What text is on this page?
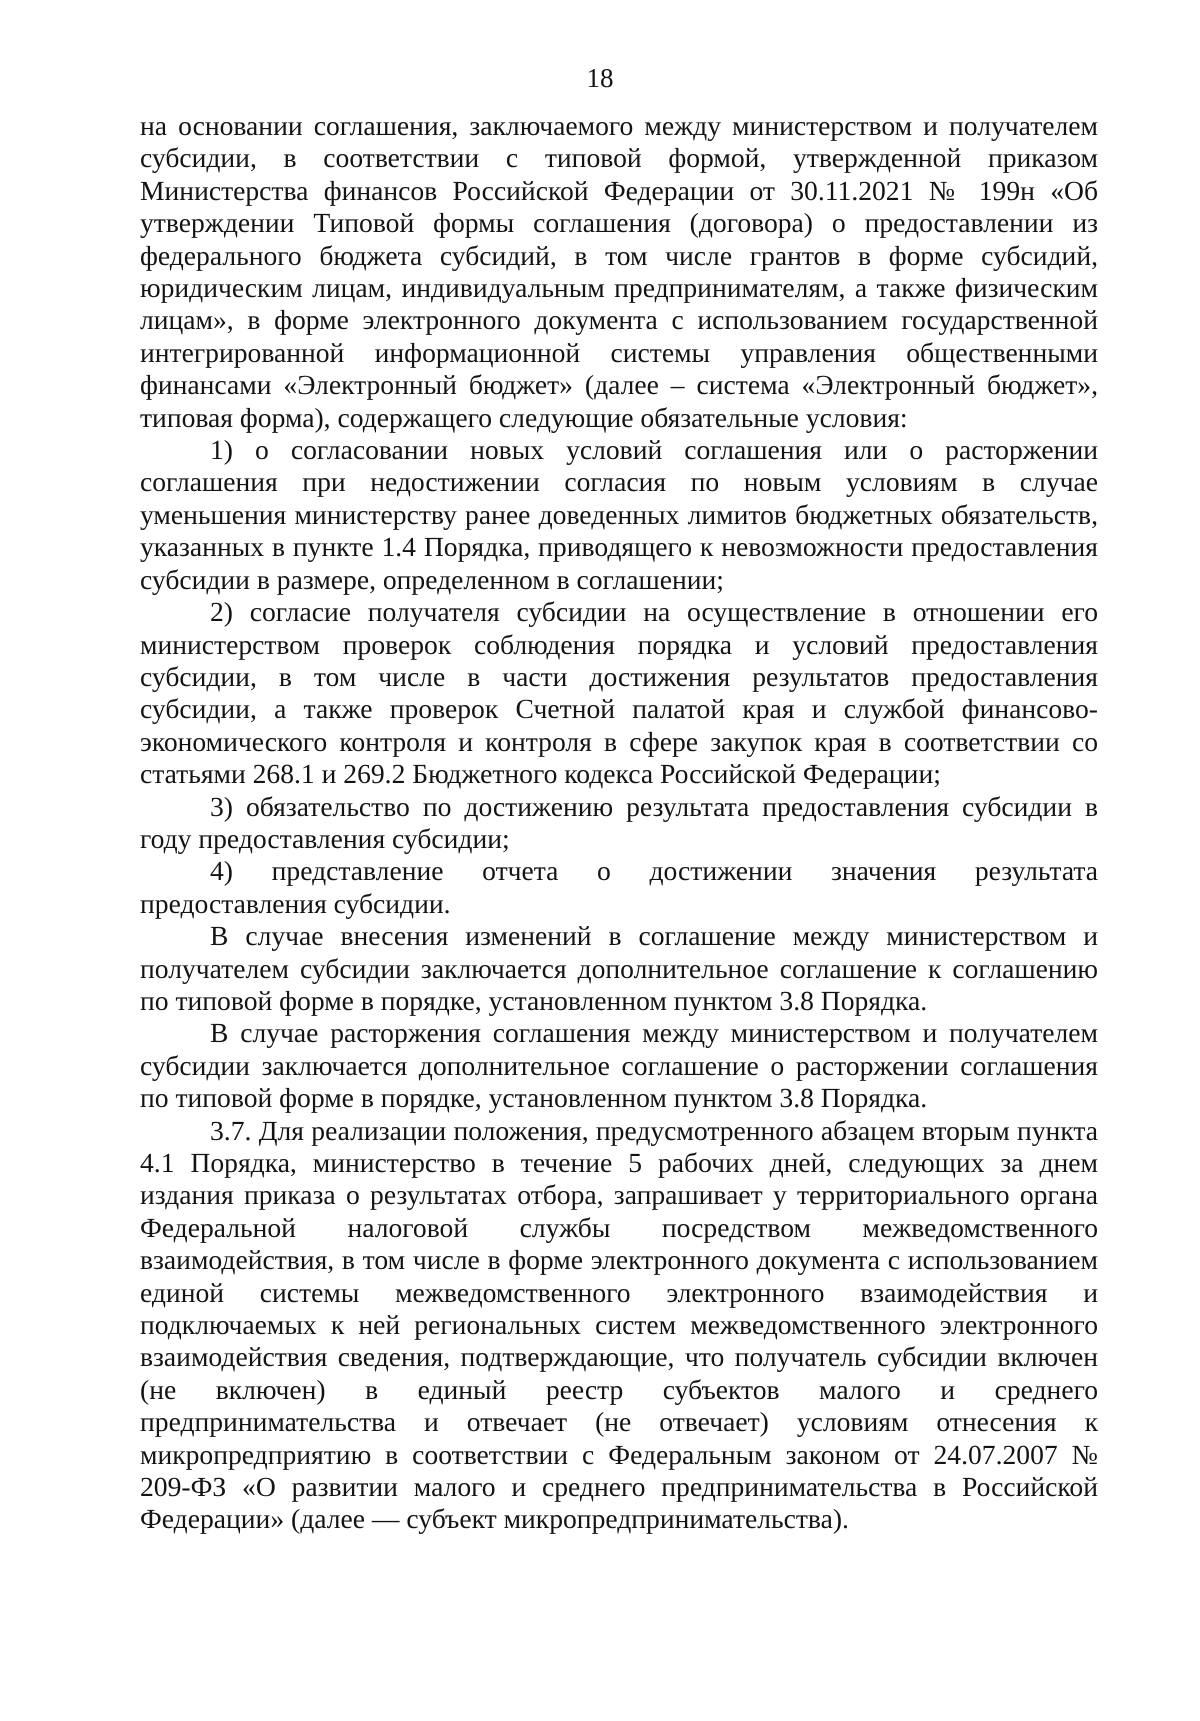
18

на основании соглашения, заключаемого между министерством и получателем субсидии, в соответствии с типовой формой, утвержденной приказом Министерства финансов Российской Федерации от 30.11.2021 № 199н «Об утверждении Типовой формы соглашения (договора) о предоставлении из федерального бюджета субсидий, в том числе грантов в форме субсидий, юридическим лицам, индивидуальным предпринимателям, а также физическим лицам», в форме электронного документа с использованием государственной интегрированной информационной системы управления общественными финансами «Электронный бюджет» (далее – система «Электронный бюджет», типовая форма), содержащего следующие обязательные условия:

1) о согласовании новых условий соглашения или о расторжении соглашения при недостижении согласия по новым условиям в случае уменьшения министерству ранее доведенных лимитов бюджетных обязательств, указанных в пункте 1.4 Порядка, приводящего к невозможности предоставления субсидии в размере, определенном в соглашении;

2) согласие получателя субсидии на осуществление в отношении его министерством проверок соблюдения порядка и условий предоставления субсидии, в том числе в части достижения результатов предоставления субсидии, а также проверок Счетной палатой края и службой финансово-экономического контроля и контроля в сфере закупок края в соответствии со статьями 268.1 и 269.2 Бюджетного кодекса Российской Федерации;

3) обязательство по достижению результата предоставления субсидии в году предоставления субсидии;

4) представление отчета о достижении значения результата предоставления субсидии.

В случае внесения изменений в соглашение между министерством и получателем субсидии заключается дополнительное соглашение к соглашению по типовой форме в порядке, установленном пунктом 3.8 Порядка.

В случае расторжения соглашения между министерством и получателем субсидии заключается дополнительное соглашение о расторжении соглашения по типовой форме в порядке, установленном пунктом 3.8 Порядка.

3.7. Для реализации положения, предусмотренного абзацем вторым пункта 4.1 Порядка, министерство в течение 5 рабочих дней, следующих за днем издания приказа о результатах отбора, запрашивает у территориального органа Федеральной налоговой службы посредством межведомственного взаимодействия, в том числе в форме электронного документа с использованием единой системы межведомственного электронного взаимодействия и подключаемых к ней региональных систем межведомственного электронного взаимодействия сведения, подтверждающие, что получатель субсидии включен (не включен) в единый реестр субъектов малого и среднего предпринимательства и отвечает (не отвечает) условиям отнесения к микропредприятию в соответствии с Федеральным законом от 24.07.2007 № 209-ФЗ «О развитии малого и среднего предпринимательства в Российской Федерации» (далее — субъект микропредпринимательства).
